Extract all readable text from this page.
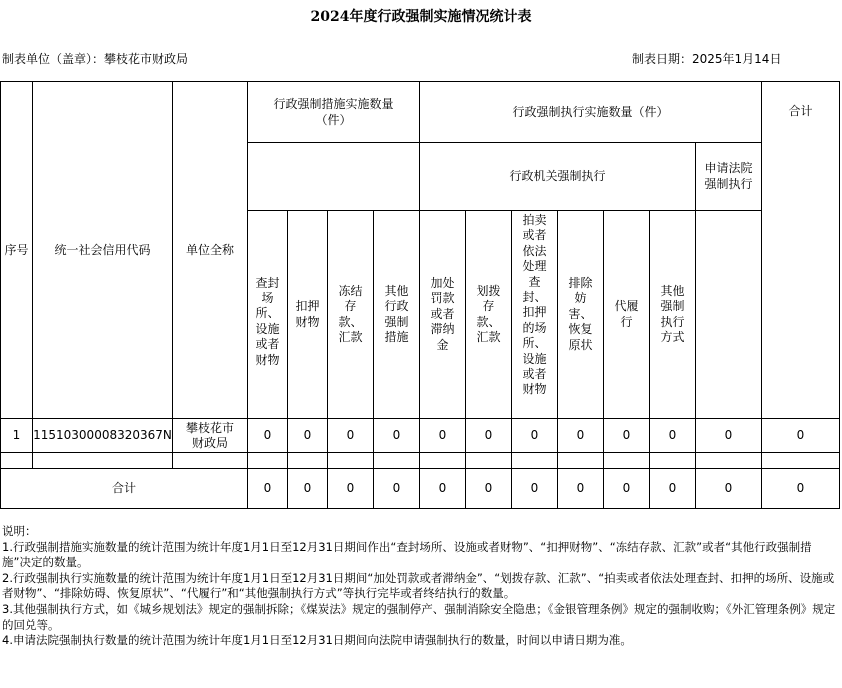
2024年度行政强制实施情况统计表
制表单位（盖章）：攀枝花市财政局	制表日期：2025年1月14日
序号	统一社会信用代码	单位全称	行政强制措施实施数量（件）				行政强制执行实施数量（件）							合计
							行政机关强制执行						申请法院强制执行	
			查封场所、设施或者财物	扣押财物	冻结存款、汇款	其他行政强制措施	加处罚款或者滞纳金	划拨存款、汇款	拍卖或者依法处理查封、扣押的场所、设施或者财物	排除妨害、恢复原状	代履行	其他强制执行方式		
1	11510300008320367N	攀枝花市财政局	0	0	0	0	0	0	0	0	0	0	0	0

合计			0	0	0	0	0	0	0	0	0	0	0	0
说明：
1.行政强制措施实施数量的统计范围为统计年度1月1日至12月31日期间作出“查封场所、设施或者财物”、“扣押财物”、“冻结存款、汇款”或者“其他行政强制措施”决定的数量。
2.行政强制执行实施数量的统计范围为统计年度1月1日至12月31日期间“加处罚款或者滞纳金”、“划拨存款、汇款”、“拍卖或者依法处理查封、扣押的场所、设施或者财物”、“排除妨碍、恢复原状”、“代履行”和“其他强制执行方式”等执行完毕或者终结执行的数量。
3.其他强制执行方式，如《城乡规划法》规定的强制拆除；《煤炭法》规定的强制停产、强制消除安全隐患；《金银管理条例》规定的强制收购；《外汇管理条例》规定的回兑等。
4.申请法院强制执行数量的统计范围为统计年度1月1日至12月31日期间向法院申请强制执行的数量，时间以申请日期为准。
